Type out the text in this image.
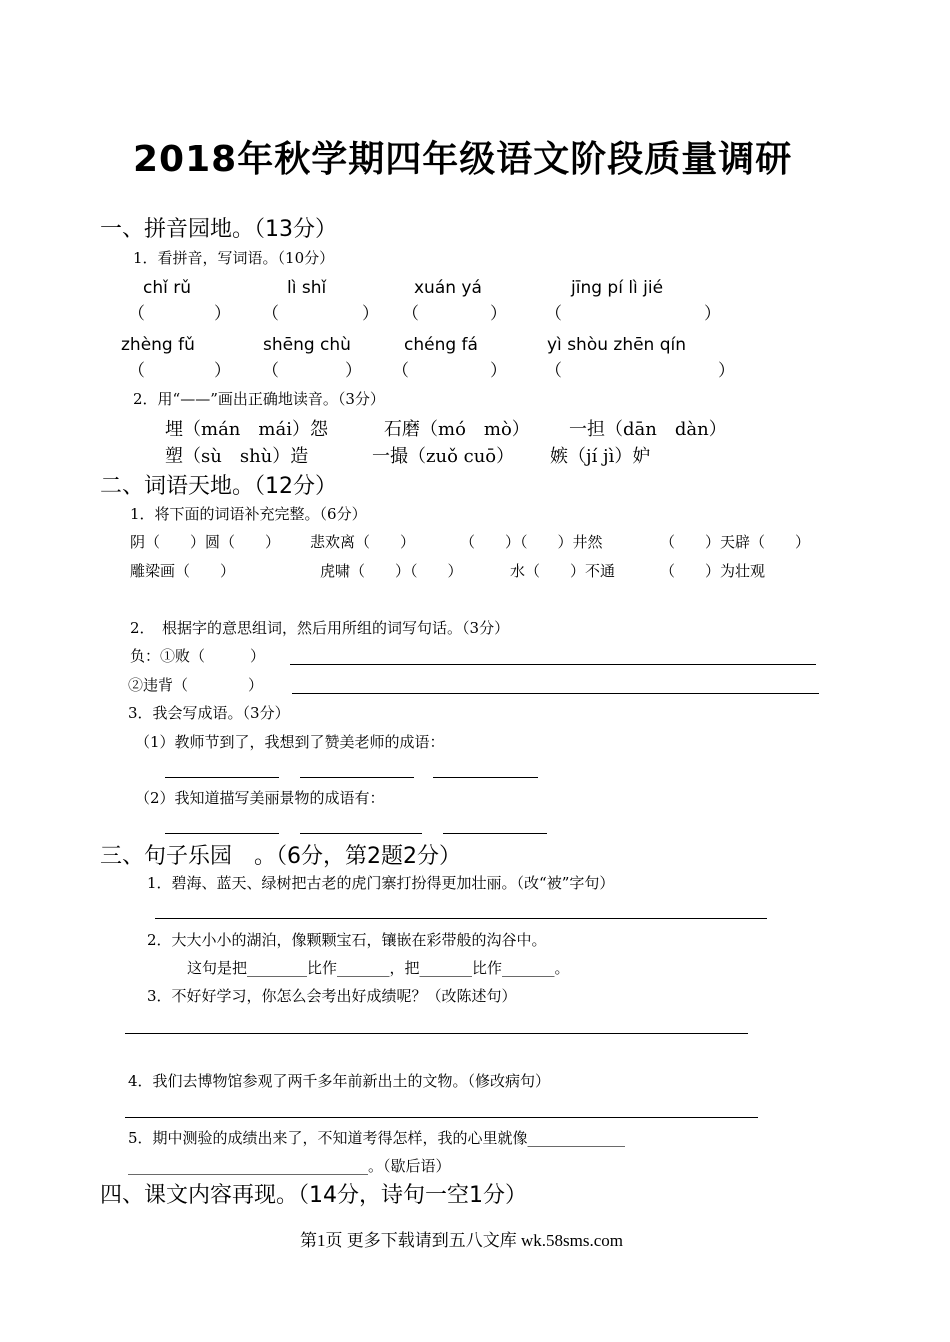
2018年秋学期四年级语文阶段质量调研
一、拼音园地。（13分）
1．看拼音，写词语。（10分）
chǐ rǔ	lì shǐ	xuán yá	jīng pí lì jié
（	） （	） （	） （	）
zhèng fǔ	shēng chù	chéng fá	yì shòu zhēn qín
（	） （	） （	） （	）
2．用“——”画出正确地读音。（3分）
埋（mán　mái）怨	石磨（mó　mò） 一担（dān　dàn）
塑（sù　shù）造	一撮（zuǒ cuō） 嫉（jí jì）妒
二、词语天地。（12分）
1．将下面的词语补充完整。（6分）
阴（　　）圆（　　） 悲欢离（　　）	（　　）（　　）井然	（　　）天辟（　　）
雕梁画（　　）	虎啸（　　）（　　）	水（　　）不通	（　　）为壮观
2．　根据字的意思组词，然后用所组的词写句话。（3分）
负：①败（　　　）
②违背（　　　　）
3．我会写成语。（3分）
（1）教师节到了，我想到了赞美老师的成语：
（2）我知道描写美丽景物的成语有：
三、句子乐园　。（6分，第2题2分）
1．碧海、蓝天、绿树把古老的虎门寨打扮得更加壮丽。（改“被”字句）
2．大大小小的湖泊，像颗颗宝石，镶嵌在彩带般的沟谷中。
这句是把________比作_______，把_______比作_______。
3．不好好学习，你怎么会考出好成绩呢？（改陈述句）
4．我们去博物馆参观了两千多年前新出土的文物。（修改病句）
5．期中测验的成绩出来了，不知道考得怎样，我的心里就像_____________
________________________________。（歇后语）
四、课文内容再现。（14分，诗句一空1分）
第1页 更多下载请到五八文库 wk.58sms.com
